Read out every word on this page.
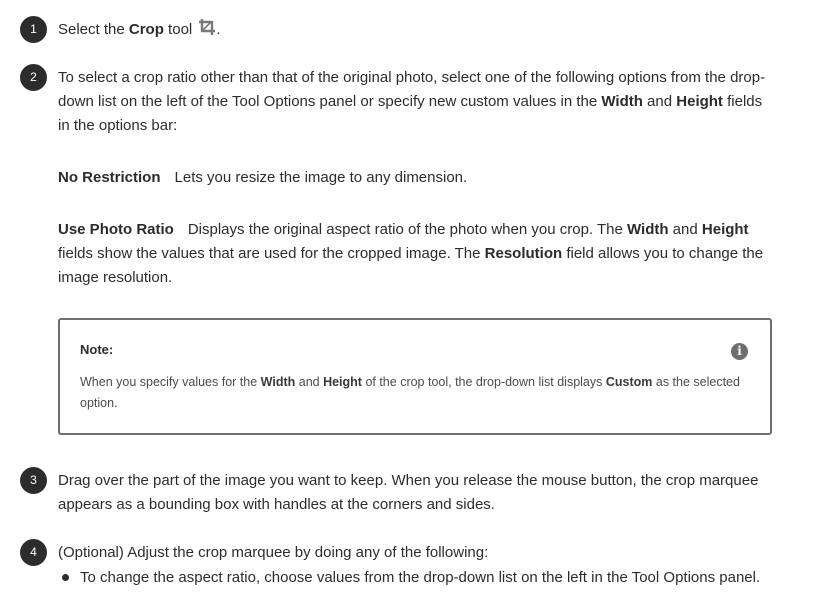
1	Select the Crop tool .
2	To select a crop ratio other than that of the original photo, select one of the following options from the drop-down list on the left of the Tool Options panel or specify new custom values in the Width and Height fields in the options bar:
No Restriction Lets you resize the image to any dimension.
Use Photo Ratio Displays the original aspect ratio of the photo when you crop. The Width and Height fields show the values that are used for the cropped image. The Resolution field allows you to change the image resolution.
Note:	i
When you specify values for the Width and Height of the crop tool, the drop-down list displays Custom as the selected option.
3	Drag over the part of the image you want to keep. When you release the mouse button, the crop marquee appears as a bounding box with handles at the corners and sides.
4	(Optional) Adjust the crop marquee by doing any of the following:
To change the aspect ratio, choose values from the drop-down list on the left in the Tool Options panel.
